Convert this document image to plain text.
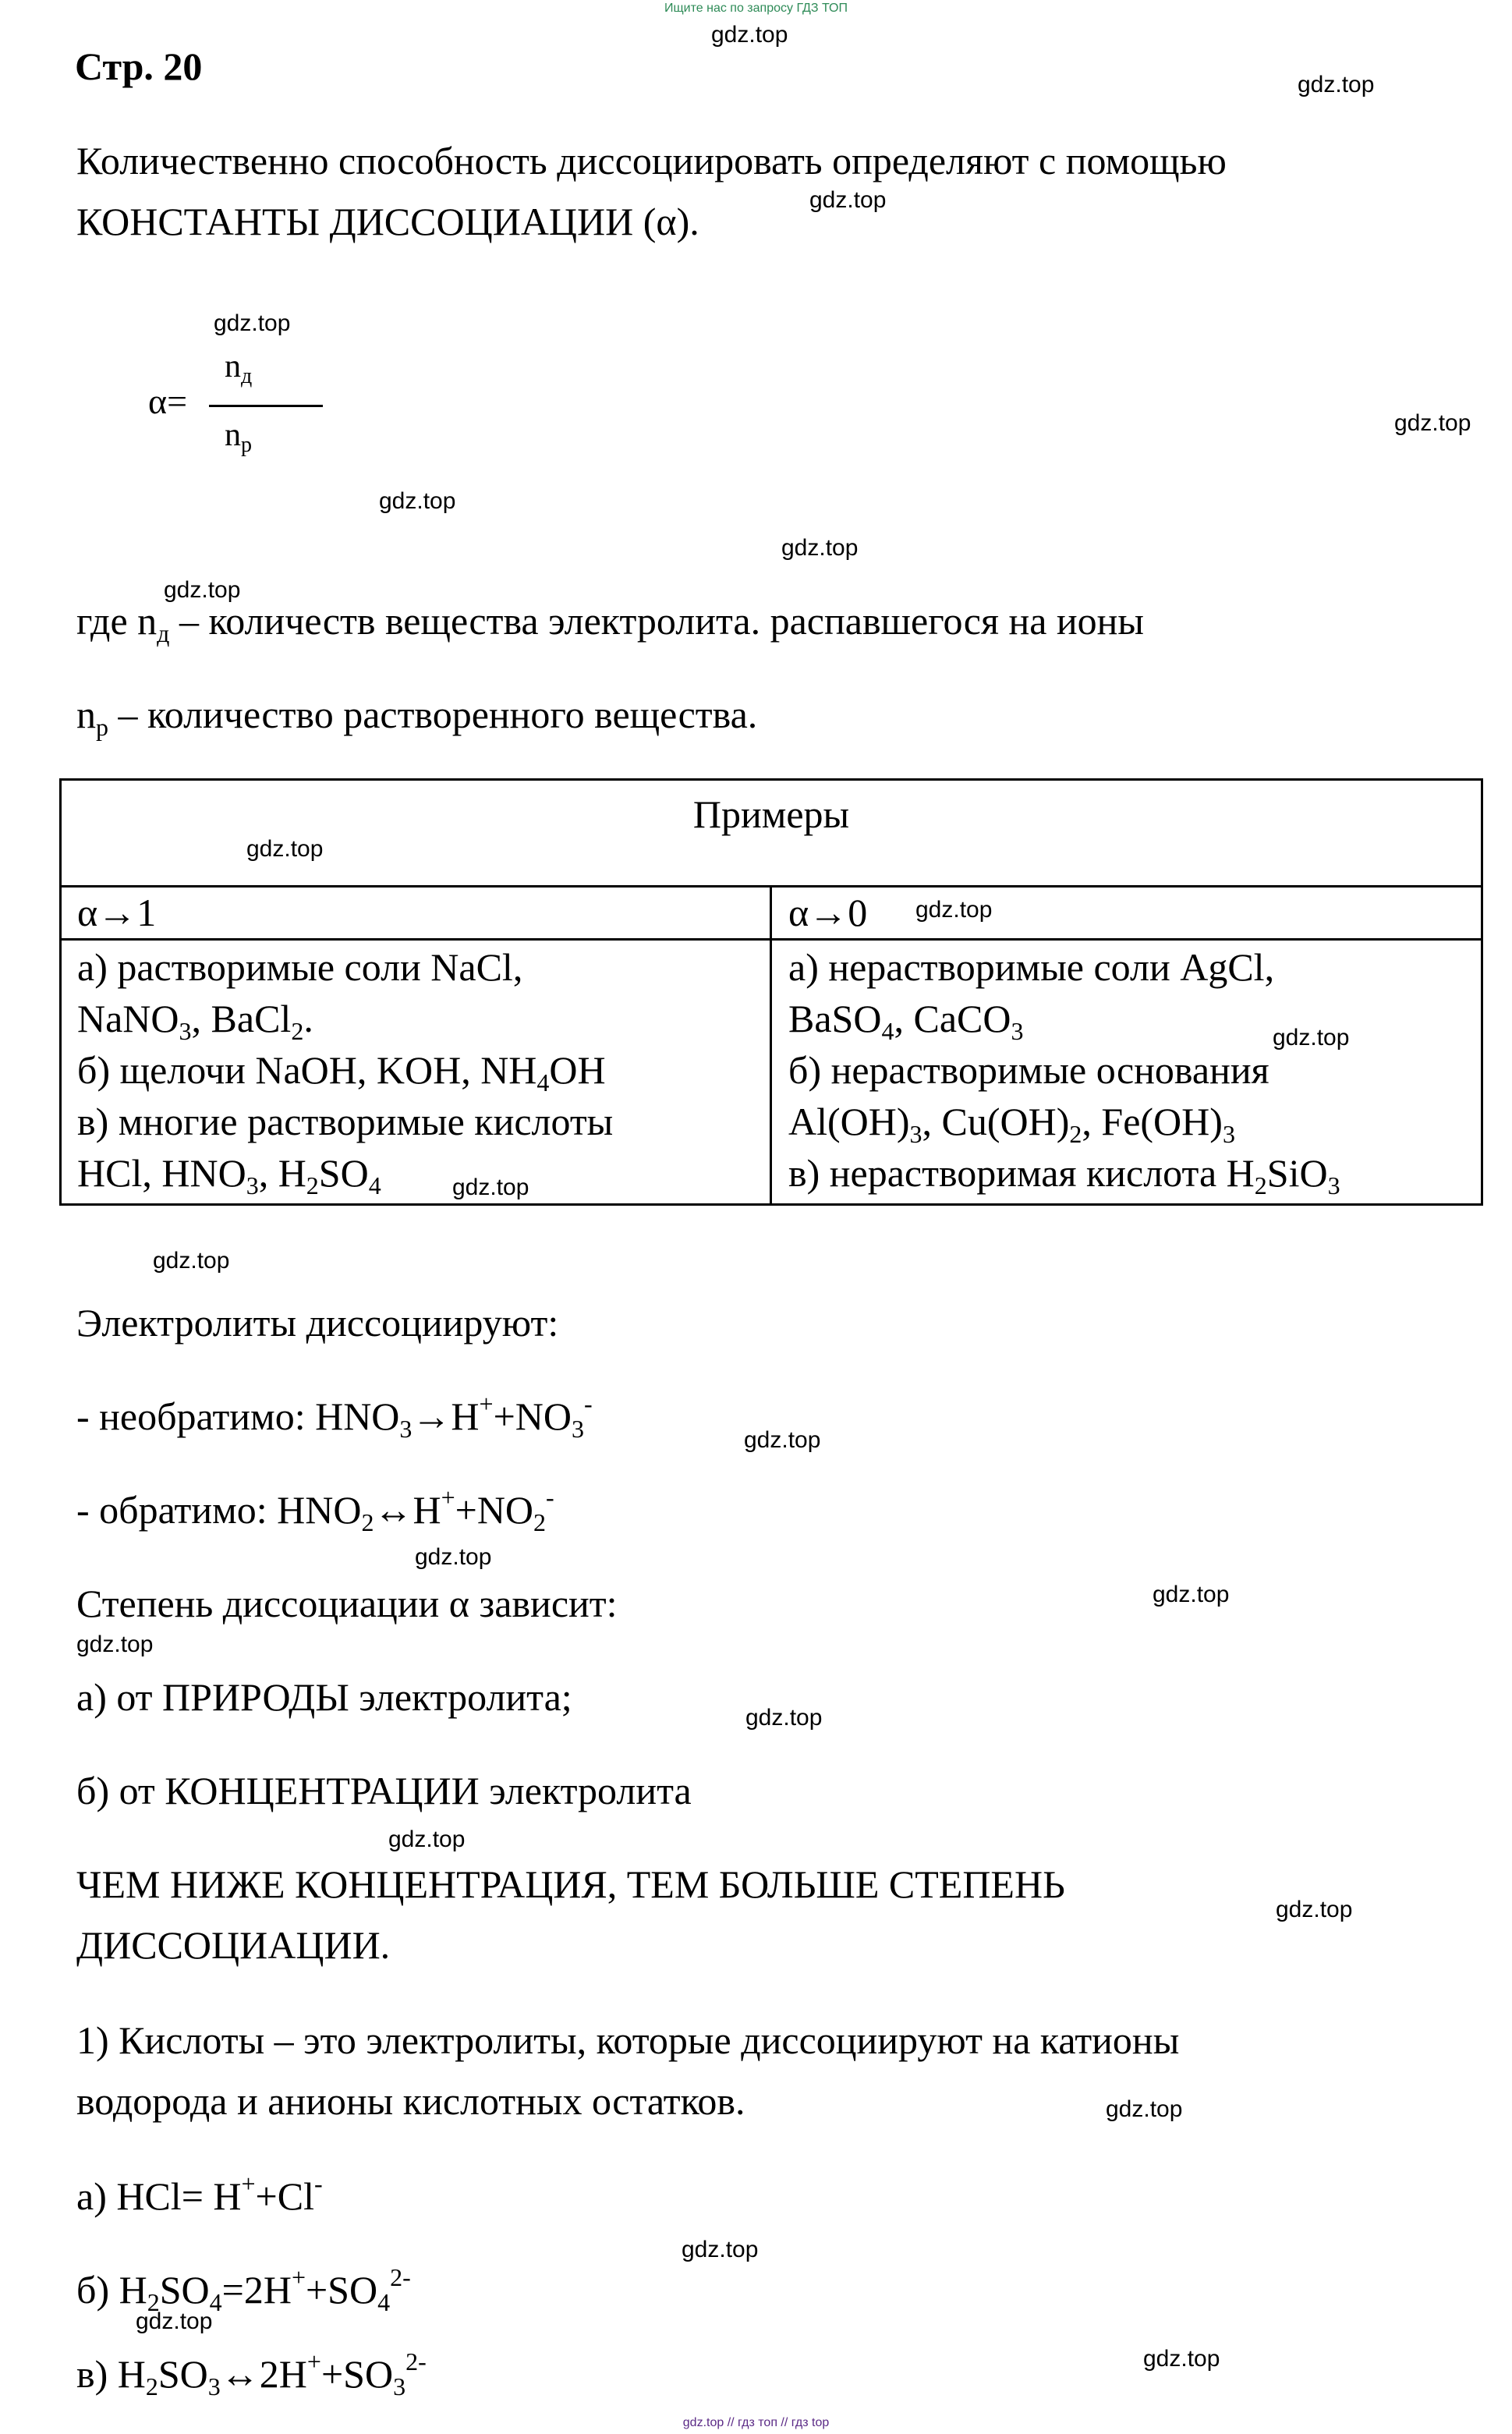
Ищите нас по запросу ГДЗ ТОП
gdz.top // гдз топ // гдз top
Стр. 20
Количественно способность диссоциировать определяют с помощью
КОНСТАНТЫ ДИССОЦИАЦИИ (α).
α=
$n_д$
$n_р$
где $n_д$ – количеств вещества электролита. распавшегося на ионы
$n_р$ – количество растворенного вещества.
Примеры
α→1	α→0
а) растворимые соли NaCl,
NaNO$_3$, BaCl$_2$.
б) щелочи NaOH, KOH, $NH_4OH$
в) многие растворимые кислоты
HCl, $HNO_3$, $H_2SO_4$
а) нерастворимые соли AgCl,
BaSO$_4$, CaCO$_3$
б) нерастворимые основания
$Al(OH)_3$, $Cu(OH)_2$, $Fe(OH)_3$
в) нерастворимая кислота $H_2SiO_3$
Электролиты диссоциируют:
- необратимо: $HNO_3\to H^++NO_3^-$
- обратимо: $HNO_2\leftrightarrow H^++NO_2^-$
Степень диссоциации α зависит:
а) от ПРИРОДЫ электролита;
б) от КОНЦЕНТРАЦИИ электролита
ЧЕМ НИЖЕ КОНЦЕНТРАЦИЯ, ТЕМ БОЛЬШЕ СТЕПЕНЬ
ДИССОЦИАЦИИ.
1) Кислоты – это электролиты, которые диссоциируют на катионы
водорода и анионы кислотных остатков.
а) HCl= H++Cl-
б) $H_2SO_4=2H^++SO_4^{2-}$
в) $H_2SO_3\leftrightarrow 2H^++SO_3^{2-}$
gdz.top
gdz.top
gdz.top
gdz.top
gdz.top
gdz.top
gdz.top
gdz.top
gdz.top
gdz.top
gdz.top
gdz.top
gdz.top
gdz.top
gdz.top
gdz.top
gdz.top
gdz.top
gdz.top
gdz.top
gdz.top
gdz.top
gdz.top
gdz.top
